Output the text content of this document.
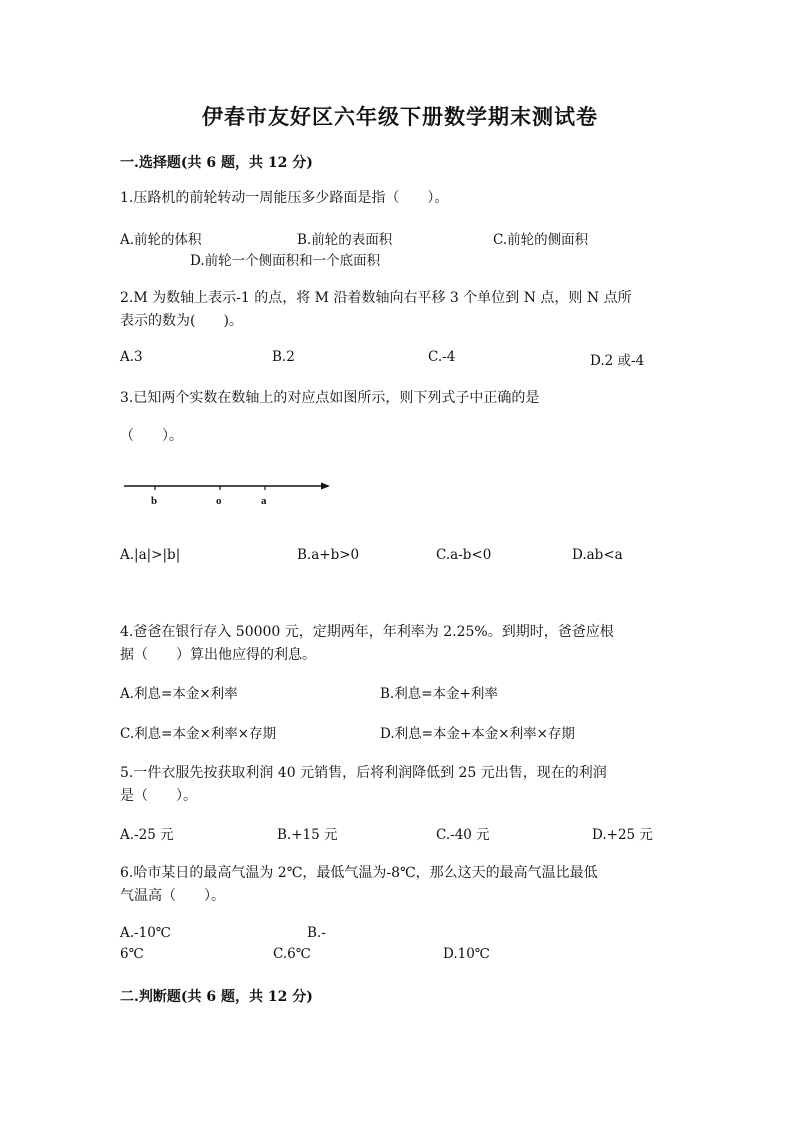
伊春市友好区六年级下册数学期末测试卷
一.选择题(共 6 题，共 12 分)
1.压路机的前轮转动一周能压多少路面是指（　　）。
A.前轮的体积	B.前轮的表面积	C.前轮的侧面积
D.前轮一个侧面积和一个底面积
2.M 为数轴上表示-1 的点，将 M 沿着数轴向右平移 3 个单位到 N 点，则 N 点所
表示的数为(　　)。
A.3	B.2	C.-4	D.2 或-4
3.已知两个实数在数轴上的对应点如图所示，则下列式子中正确的是
（　　）。
b	o	a
A.|a|>|b|	B.a+b>0	C.a-b<0	D.ab<a
4.爸爸在银行存入 50000 元，定期两年，年利率为 2.25%。到期时，爸爸应根
据（　　）算出他应得的利息。
A.利息=本金×利率	B.利息=本金+利率
C.利息=本金×利率×存期	D.利息=本金+本金×利率×存期
5.一件衣服先按获取利润 40 元销售，后将利润降低到 25 元出售，现在的利润
是（　　）。
A.-25 元	B.+15 元	C.-40 元	D.+25 元
6.哈市某日的最高气温为 2℃，最低气温为-8℃，那么这天的最高气温比最低
气温高（　　）。
A.-10℃	B.-
6℃	C.6℃	D.10℃
二.判断题(共 6 题，共 12 分)
